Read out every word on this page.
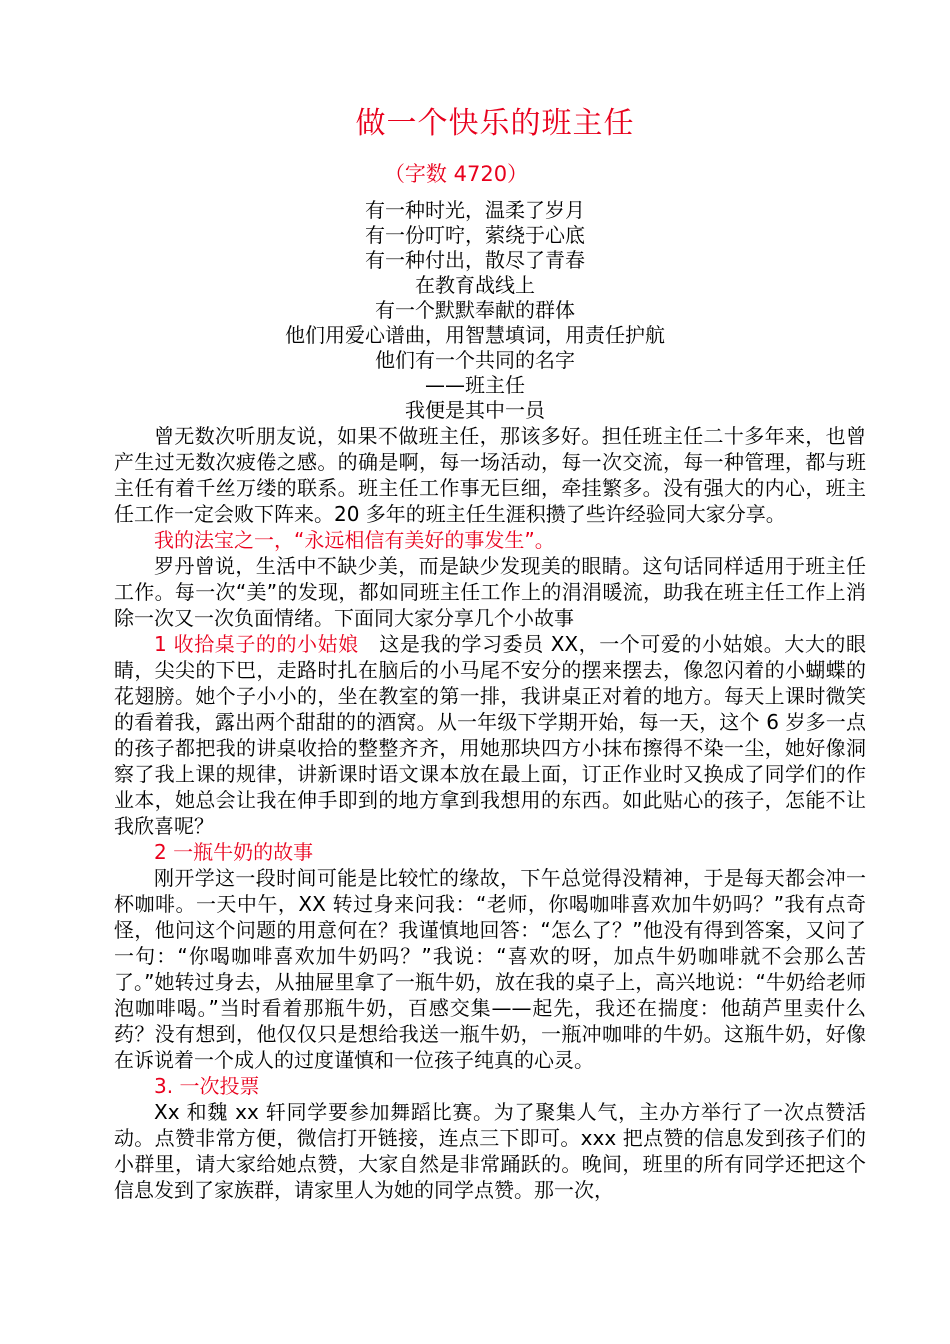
做一个快乐的班主任
（字数 4720）
有一种时光，温柔了岁月
有一份叮咛，萦绕于心底
有一种付出，散尽了青春
在教育战线上
有一个默默奉献的群体
他们用爱心谱曲，用智慧填词，用责任护航
他们有一个共同的名字
——班主任
我便是其中一员

曾无数次听朋友说，如果不做班主任，那该多好。担任班主任二十多年来，也曾产生过无数次疲倦之感。的确是啊，每一场活动，每一次交流，每一种管理，都与班主任有着千丝万缕的联系。班主任工作事无巨细，牵挂繁多。没有强大的内心，班主任工作一定会败下阵来。20 多年的班主任生涯积攒了些许经验同大家分享。

我的法宝之一，“永远相信有美好的事发生”。

罗丹曾说，生活中不缺少美，而是缺少发现美的眼睛。这句话同样适用于班主任工作。每一次“美”的发现，都如同班主任工作上的涓涓暖流，助我在班主任工作上消除一次又一次负面情绪。下面同大家分享几个小故事

1 收拾桌子的的小姑娘  这是我的学习委员 XX，一个可爱的小姑娘。大大的眼睛，尖尖的下巴，走路时扎在脑后的小马尾不安分的摆来摆去，像忽闪着的小蝴蝶的花翅膀。她个子小小的，坐在教室的第一排，我讲桌正对着的地方。每天上课时微笑的看着我，露出两个甜甜的的酒窝。从一年级下学期开始，每一天，这个 6 岁多一点的孩子都把我的讲桌收拾的整整齐齐，用她那块四方小抹布擦得不染一尘，她好像洞察了我上课的规律，讲新课时语文课本放在最上面，订正作业时又换成了同学们的作业本，她总会让我在伸手即到的地方拿到我想用的东西。如此贴心的孩子，怎能不让我欣喜呢？

2 一瓶牛奶的故事

刚开学这一段时间可能是比较忙的缘故，下午总觉得没精神，于是每天都会冲一杯咖啡。一天中午，XX 转过身来问我：“老师，你喝咖啡喜欢加牛奶吗？”我有点奇怪，他问这个问题的用意何在？我谨慎地回答：“怎么了？”他没有得到答案，又问了一句：“你喝咖啡喜欢加牛奶吗？”我说：“喜欢的呀，加点牛奶咖啡就不会那么苦了。”她转过身去，从抽屉里拿了一瓶牛奶，放在我的桌子上，高兴地说：“牛奶给老师泡咖啡喝。”当时看着那瓶牛奶，百感交集——起先，我还在揣度：他葫芦里卖什么药？没有想到，他仅仅只是想给我送一瓶牛奶，一瓶冲咖啡的牛奶。这瓶牛奶，好像在诉说着一个成人的过度谨慎和一位孩子纯真的心灵。

3. 一次投票

Xx 和魏 xx 轩同学要参加舞蹈比赛。为了聚集人气，主办方举行了一次点赞活动。点赞非常方便，微信打开链接，连点三下即可。xxx 把点赞的信息发到孩子们的小群里，请大家给她点赞，大家自然是非常踊跃的。晚间，班里的所有同学还把这个信息发到了家族群，请家里人为她的同学点赞。那一次，
